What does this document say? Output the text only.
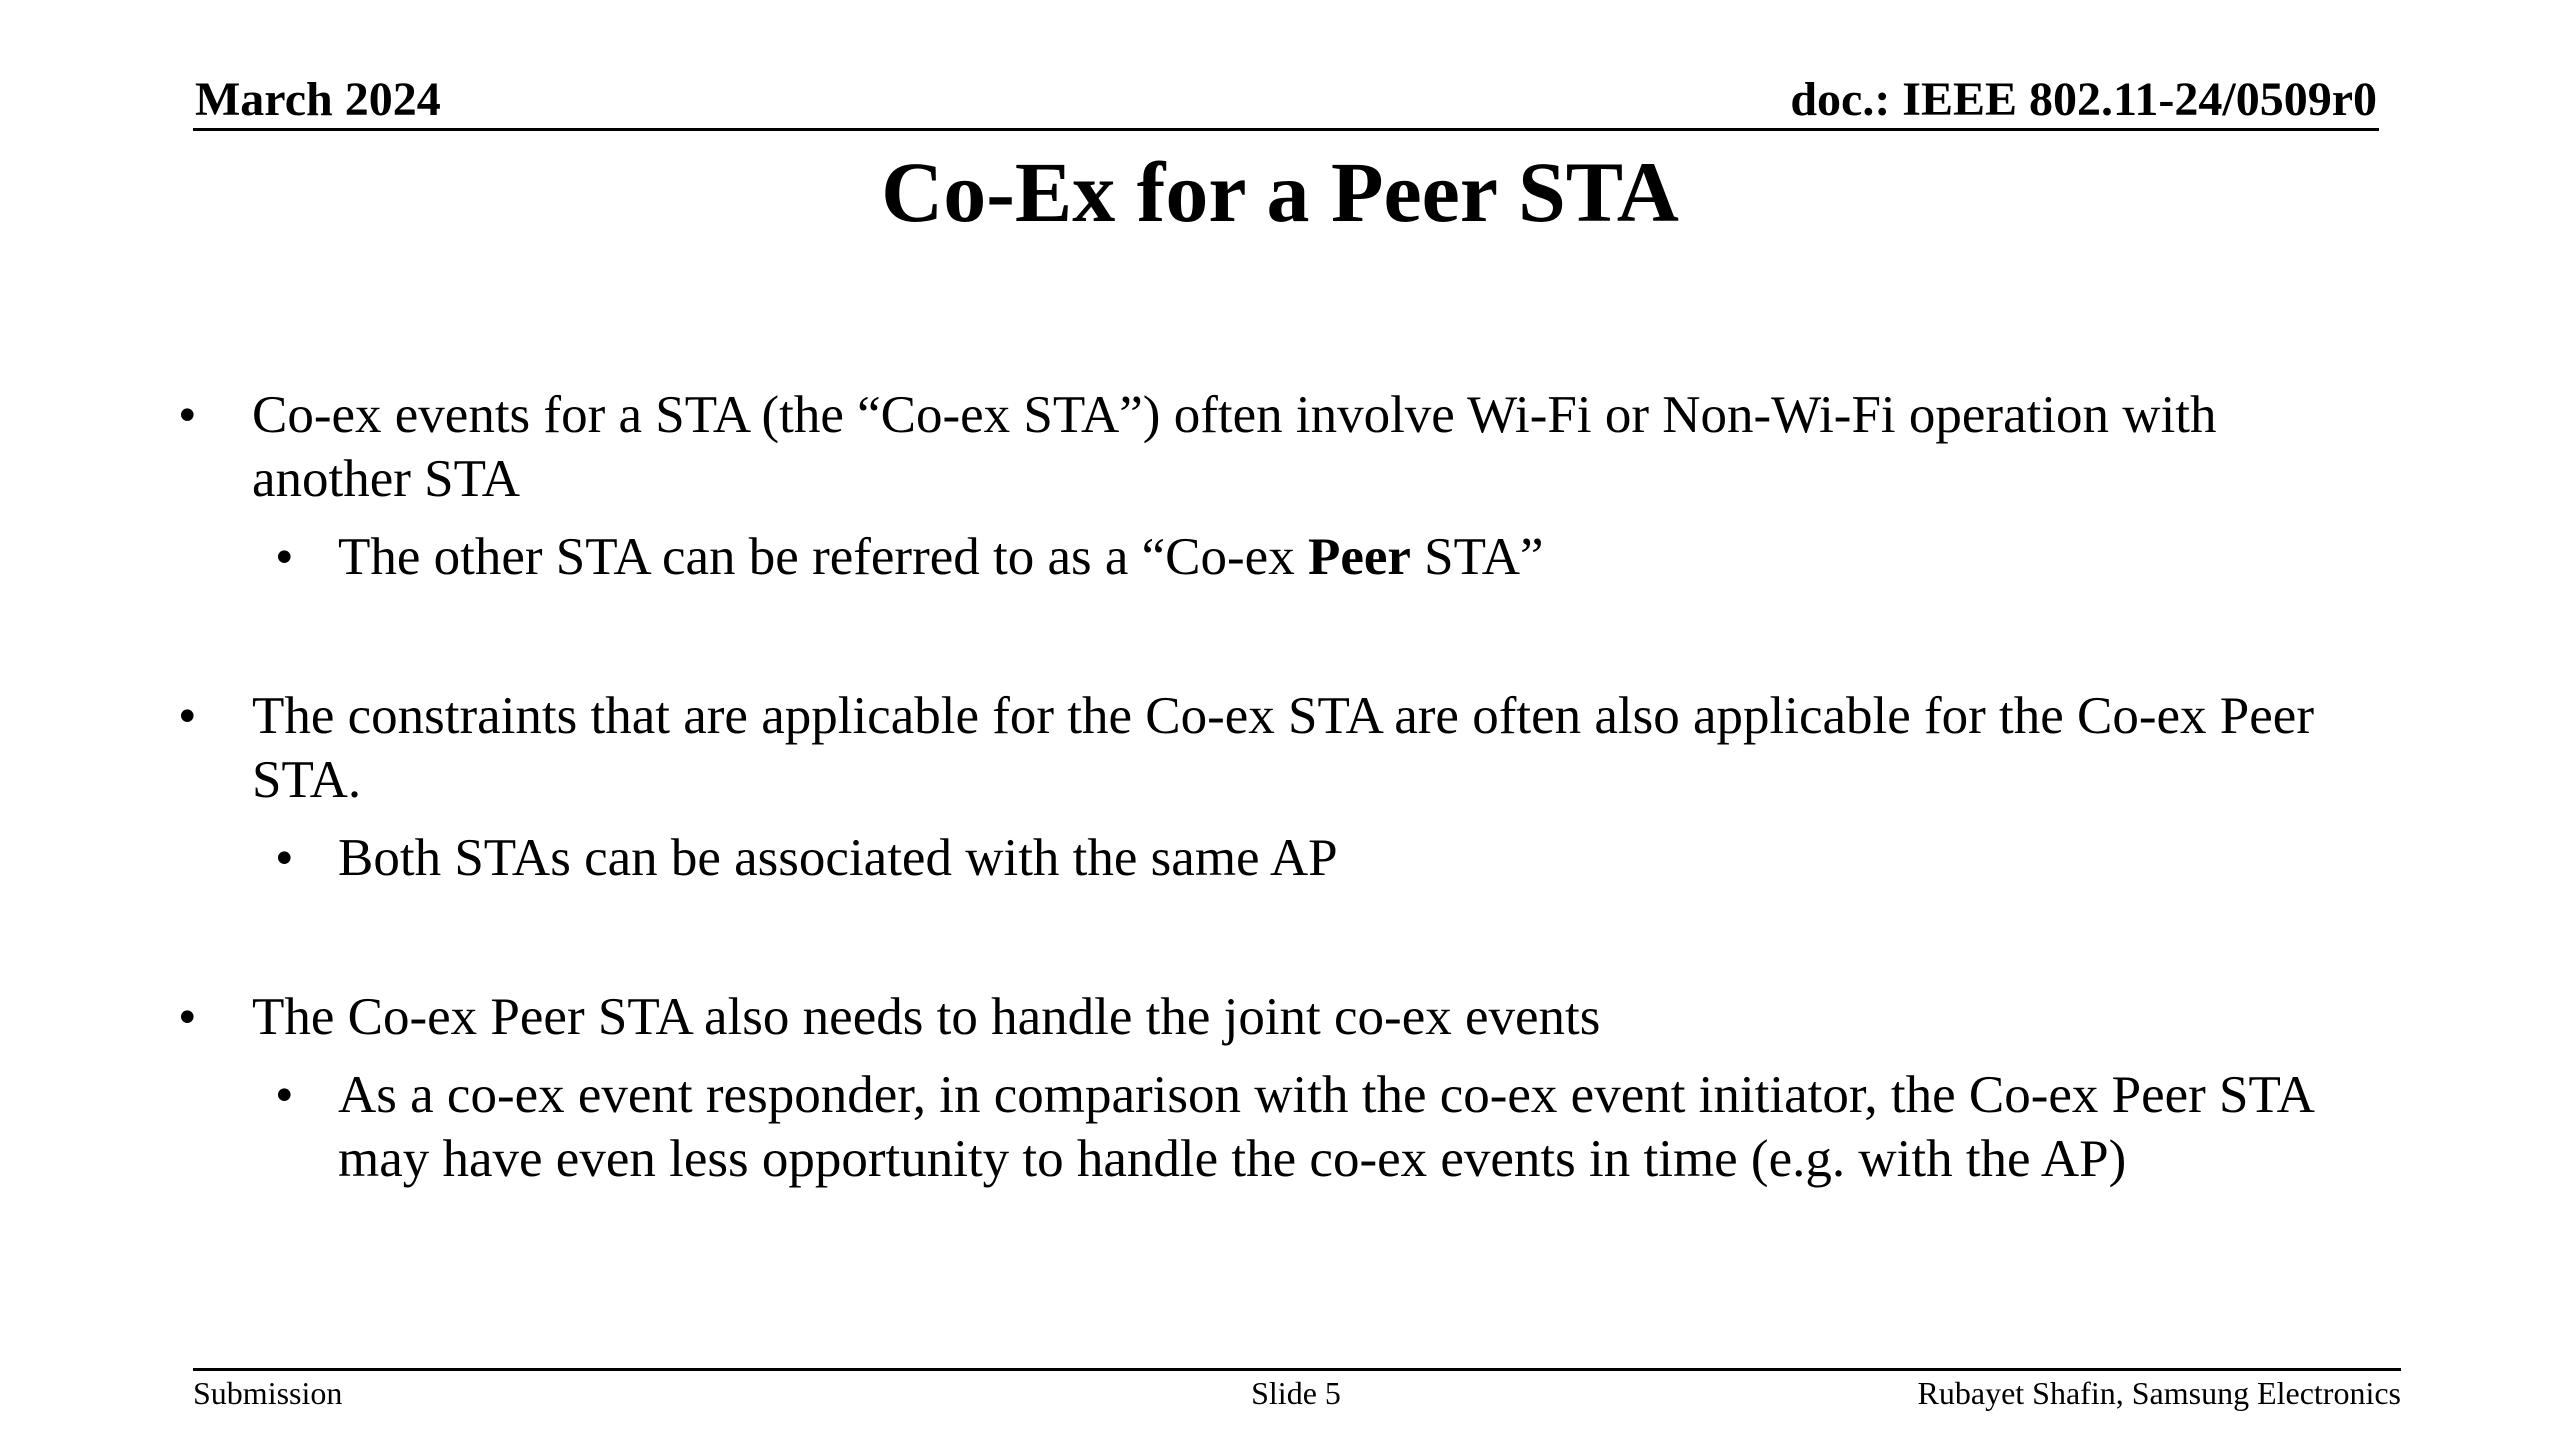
March 2024	doc.: IEEE 802.11-24/0509r0
Co-Ex for a Peer STA
• Co-ex events for a STA (the “Co-ex STA”) often involve Wi-Fi or Non-Wi-Fi operation with another STA
• The other STA can be referred to as a “Co-ex Peer STA”
• The constraints that are applicable for the Co-ex STA are often also applicable for the Co-ex Peer STA.
• Both STAs can be associated with the same AP
• The Co-ex Peer STA also needs to handle the joint co-ex events
• As a co-ex event responder, in comparison with the co-ex event initiator, the Co-ex Peer STA may have even less opportunity to handle the co-ex events in time (e.g. with the AP)
Submission	Slide 5	Rubayet Shafin, Samsung Electronics
